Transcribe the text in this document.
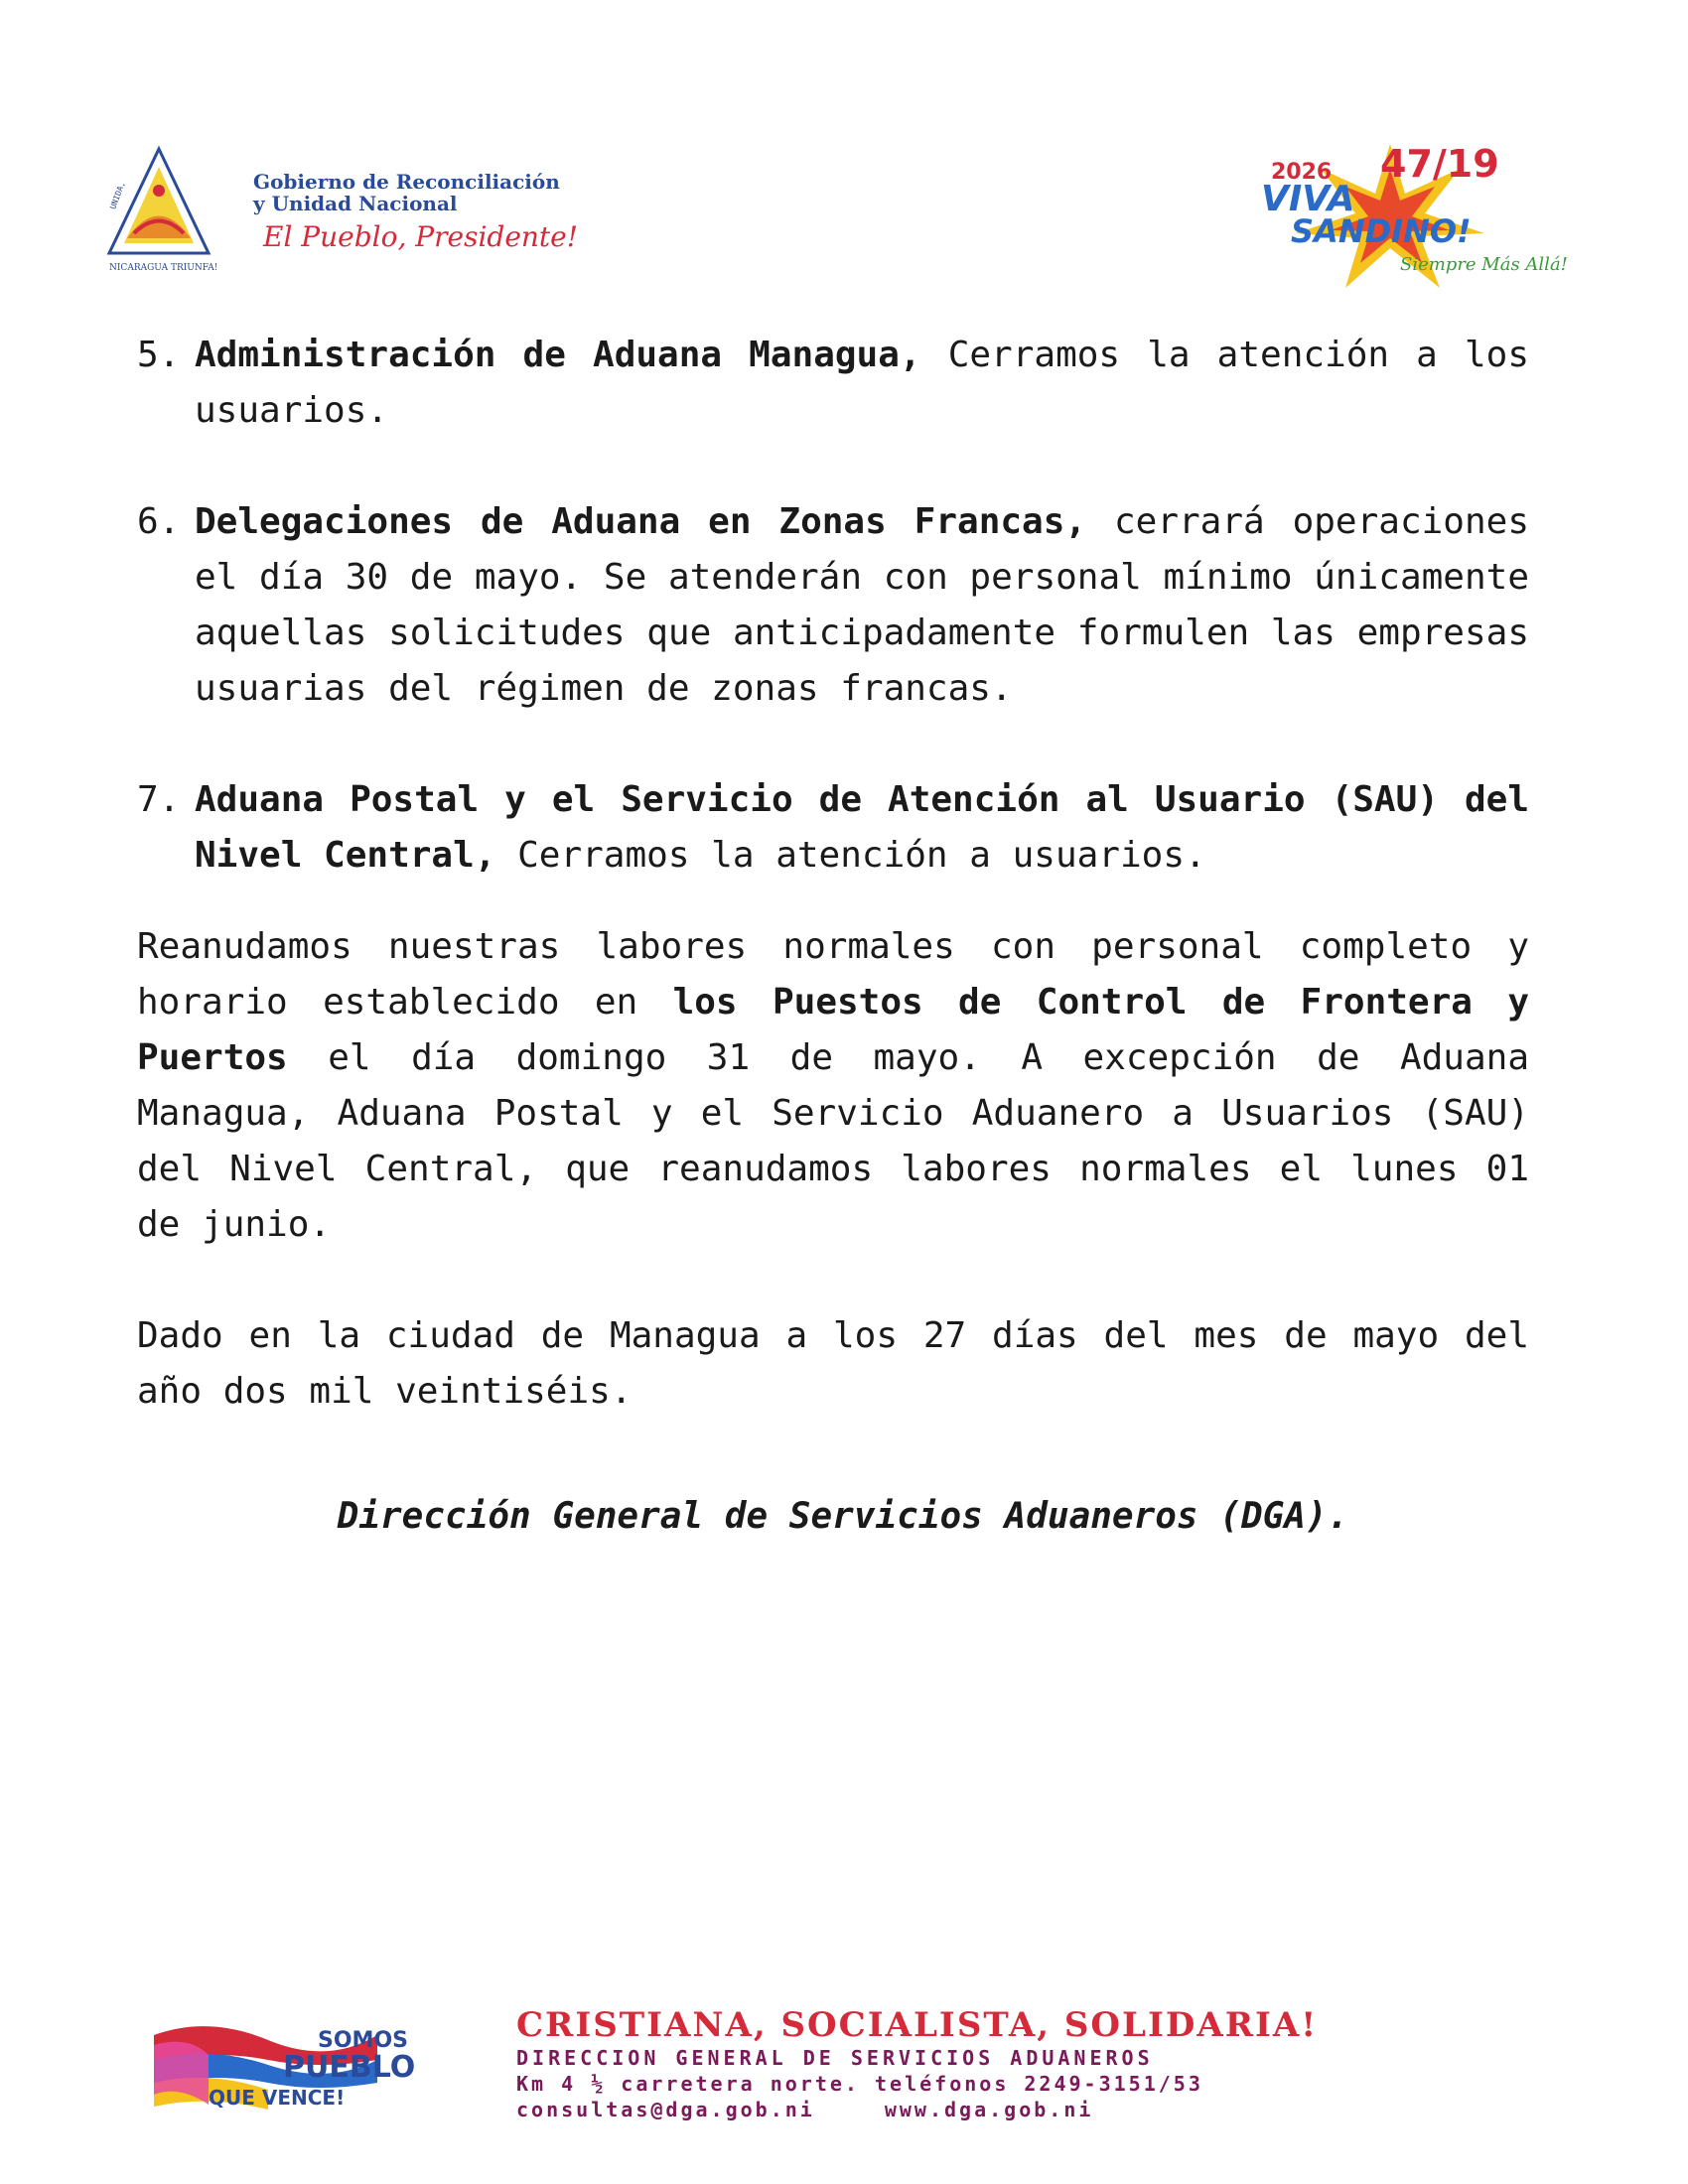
UNIDA,
NICARAGUA TRIUNFA!
Gobierno de Reconciliación
y Unidad Nacional
El Pueblo, Presidente!
2026 47/19
VIVA
SANDINO!
Siempre Más Allá!
5. Administración de Aduana Managua, Cerramos la atención a los usuarios.
6. Delegaciones de Aduana en Zonas Francas, cerrará operaciones el día 30 de mayo. Se atenderán con personal mínimo únicamente aquellas solicitudes que anticipadamente formulen las empresas usuarias del régimen de zonas francas.
7. Aduana Postal y el Servicio de Atención al Usuario (SAU) del Nivel Central, Cerramos la atención a usuarios.
Reanudamos nuestras labores normales con personal completo y horario establecido en los Puestos de Control de Frontera y Puertos el día domingo 31 de mayo. A excepción de Aduana Managua, Aduana Postal y el Servicio Aduanero a Usuarios (SAU) del Nivel Central, que reanudamos labores normales el lunes 01 de junio.
Dado en la ciudad de Managua a los 27 días del mes de mayo del año dos mil veintiséis.
Dirección General de Servicios Aduaneros (DGA).
SOMOS
PUEBLO
QUE VENCE!
CRISTIANA, SOCIALISTA, SOLIDARIA!
DIRECCION GENERAL DE SERVICIOS ADUANEROS
Km 4 ½ carretera norte. teléfonos 2249-3151/53
consultas@dga.gob.ni	www.dga.gob.ni
